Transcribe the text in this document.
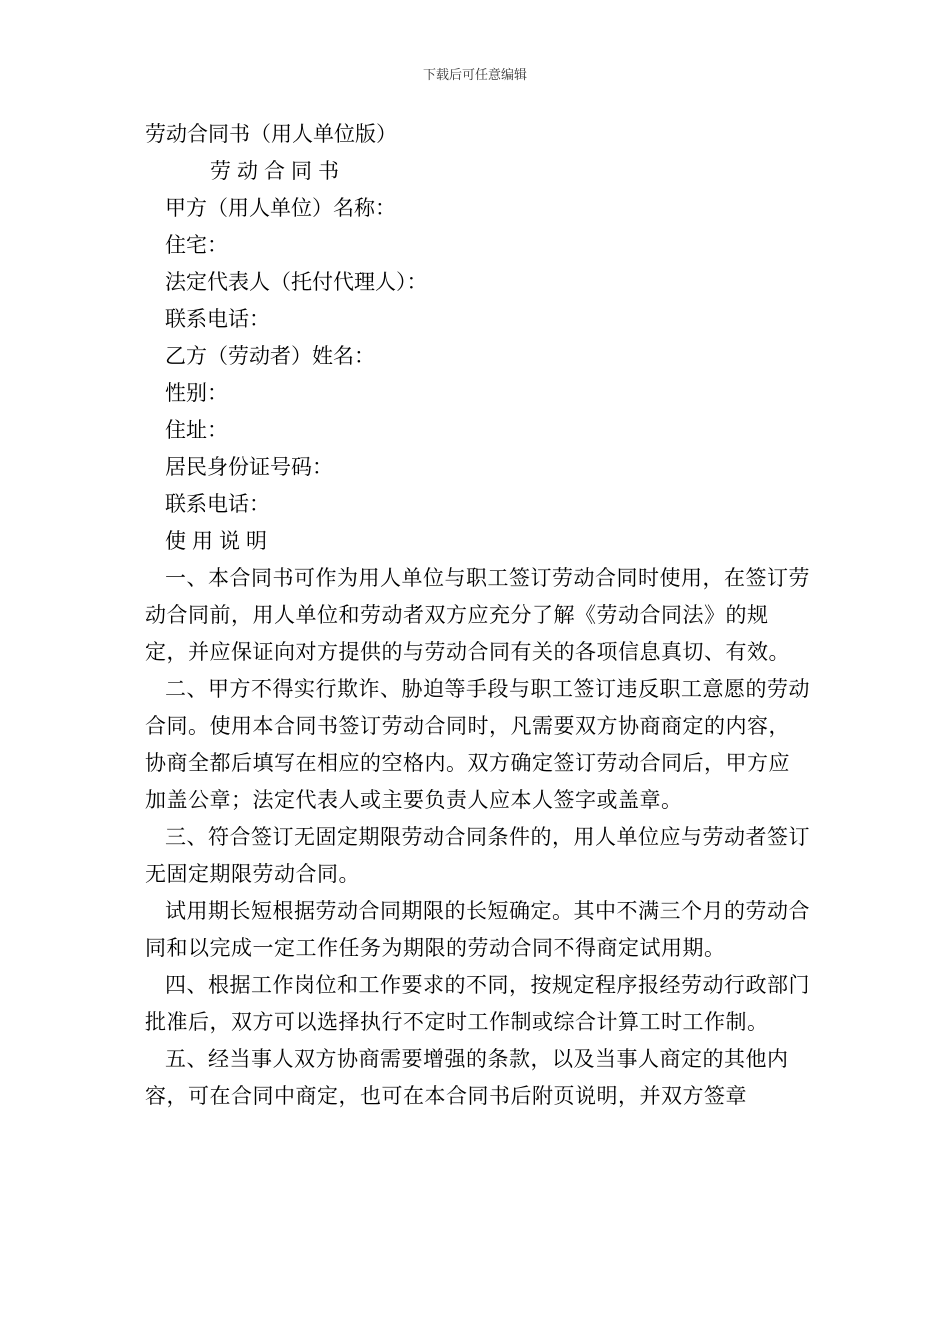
下载后可任意编辑
劳动合同书（用人单位版）
劳动合同书
甲方（用人单位）名称：
住宅：
法定代表人（托付代理人）：
联系电话：
乙方（劳动者）姓名：
性别：
住址：
居民身份证号码：
联系电话：
使用说明

一、本合同书可作为用人单位与职工签订劳动合同时使用，在签订劳动合同前，用人单位和劳动者双方应充分了解《劳动合同法》的规定，并应保证向对方提供的与劳动合同有关的各项信息真切、有效。

二、甲方不得实行欺诈、胁迫等手段与职工签订违反职工意愿的劳动合同。使用本合同书签订劳动合同时，凡需要双方协商商定的内容，协商全都后填写在相应的空格内。双方确定签订劳动合同后，甲方应加盖公章；法定代表人或主要负责人应本人签字或盖章。

三、符合签订无固定期限劳动合同条件的，用人单位应与劳动者签订无固定期限劳动合同。

试用期长短根据劳动合同期限的长短确定。其中不满三个月的劳动合同和以完成一定工作任务为期限的劳动合同不得商定试用期。

四、根据工作岗位和工作要求的不同，按规定程序报经劳动行政部门批准后，双方可以选择执行不定时工作制或综合计算工时工作制。

五、经当事人双方协商需要增强的条款，以及当事人商定的其他内容，可在合同中商定，也可在本合同书后附页说明，并双方签章
